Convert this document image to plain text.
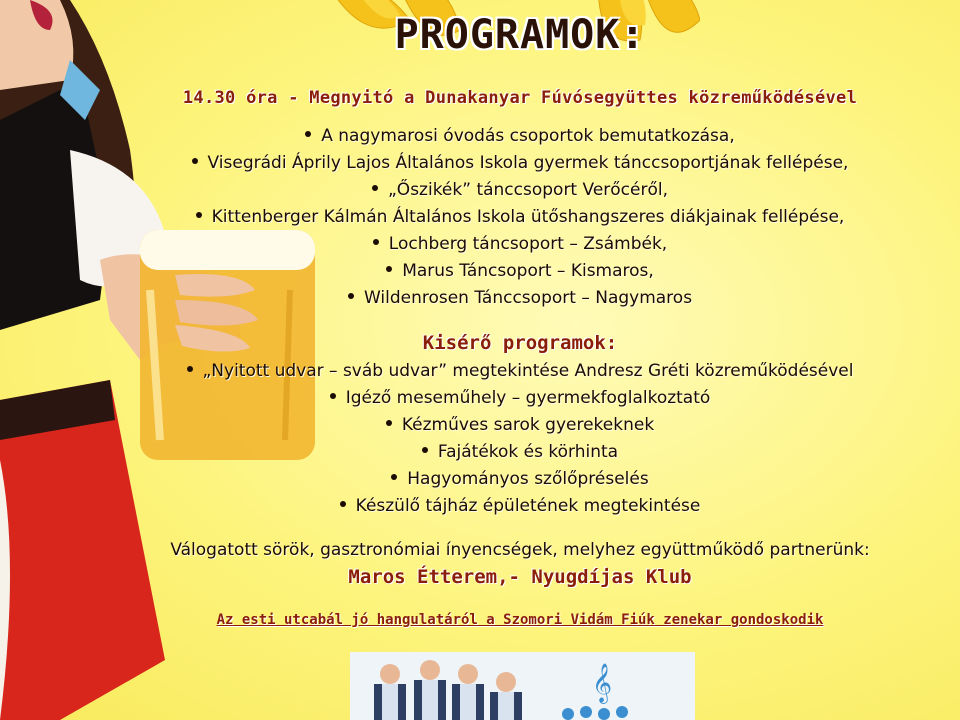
PROGRAMOK:
14.30 óra - Megnyitó a Dunakanyar Fúvósegyüttes közreműködésével
A nagymarosi óvodás csoportok bemutatkozása,
Visegrádi Áprily Lajos Általános Iskola gyermek tánccsoportjának fellépése,
„Őszikék” tánccsoport Verőcéről,
Kittenberger Kálmán Általános Iskola ütőshangszeres diákjainak fellépése,
Lochberg táncsoport – Zsámbék,
Marus Táncsoport – Kismaros,
Wildenrosen Tánccsoport – Nagymaros
Kisérő programok:
„Nyitott udvar – sváb udvar” megtekintése Andresz Gréti közreműködésével
Igéző meseműhely – gyermekfoglalkoztató
Kézműves sarok gyerekeknek
Fajátékok és körhinta
Hagyományos szőlőpréselés
Készülő tájház épületének megtekintése
Válogatott sörök, gasztronómiai ínyencségek, melyhez együttműködő partnerünk:
Maros Étterem,- Nyugdíjas Klub
Az esti utcabál jó hangulatáról a Szomori Vidám Fiúk zenekar gondoskodik
𝄞
